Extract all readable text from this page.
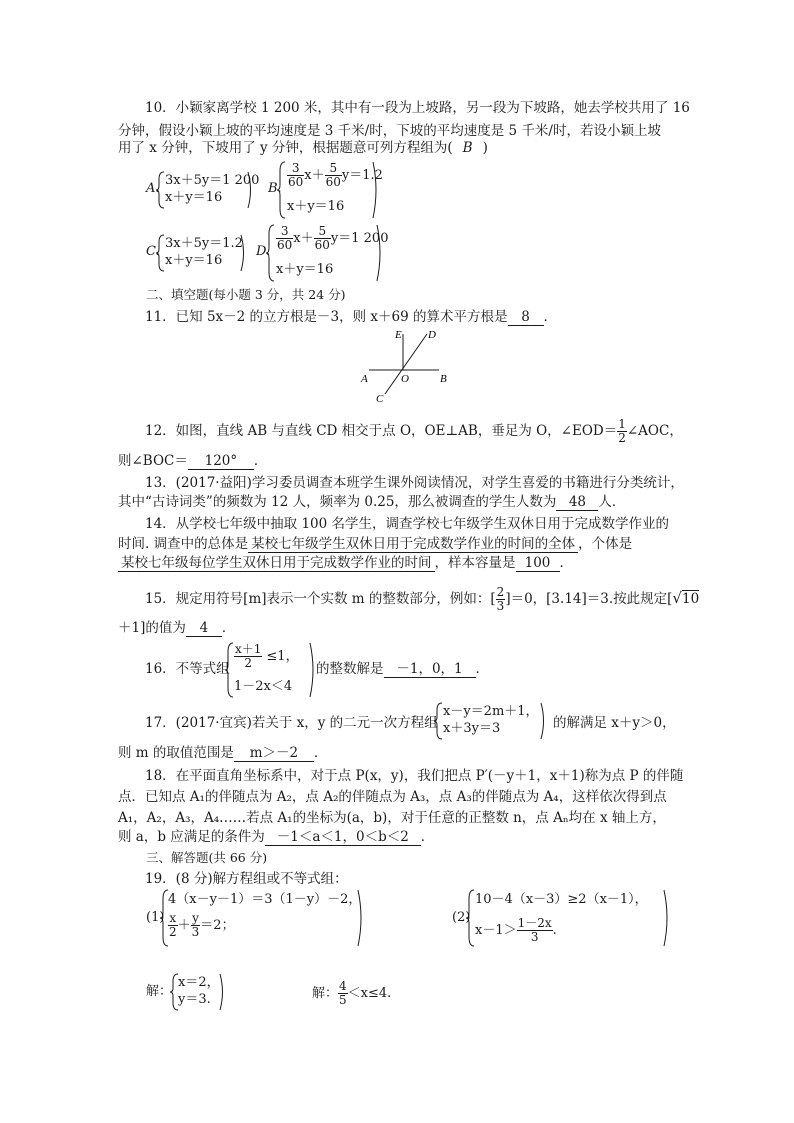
10．小颖家离学校 1 200 米，其中有一段为上坡路，另一段为下坡路，她去学校共用了 16
分钟，假设小颖上坡的平均速度是 3 千米/时，下坡的平均速度是 5 千米/时，若设小颖上坡
用了 x 分钟，下坡用了 y 分钟，根据题意可列方程组为( B )
A.
3x＋5y＝1 200
x＋y＝16
B. $\frac{3}{60} x+ \frac{5}{60} y=1.2$
x＋y＝16
C.
3x＋5y＝1.2
x＋y＝16
D. $\frac{3}{60} x+ \frac{5}{60} y=1$ 200
x＋y＝16
二、填空题(每小题 3 分，共 24 分)
11．已知 5x－2 的立方根是－3，则 x＋69 的算术平方根是 8 ．
E D
A	O	B
C
12．如图，直线 AB 与直线 CD 相交于点 O，OE⊥AB，垂足为 O，∠EOD＝ $\frac{1}{2}$ ∠AOC，
则∠BOC＝ 120° ．
13．(2017·益阳)学习委员调查本班学生课外阅读情况，对学生喜爱的书籍进行分类统计，
其中“古诗词类”的频数为 12 人，频率为 0.25，那么被调查的学生人数为 48 人．
14．从学校七年级中抽取 100 名学生，调查学校七年级学生双休日用于完成数学作业的
时间. 调查中的总体是 某校七年级学生双休日用于完成数学作业的时间的全体 ，个体是
某校七年级每位学生双休日用于完成数学作业的时间 ，样本容量是 100 ．
15．规定用符号[m]表示一个实数 m 的整数部分，例如：[ $\frac{2}{3} ]=0$，[3.14]＝3.按此规定[√10
＋1]的值为 4 ．
16．不等式组 $\frac{x+1}{2} \le 1$，
1－2x＜4
的整数解是 －1，0，1 ．
17．(2017·宜宾)若关于 x，y 的二元一次方程组
x－y＝2m＋1，
x＋3y＝3	的解满足 x＋y＞0，
则 m 的取值范围是 m＞－2 ．
18．在平面直角坐标系中，对于点 P(x，y)，我们把点 P′(－y＋1，x＋1)称为点 P 的伴随
点．已知点 A₁的伴随点为 A₂，点 A₂的伴随点为 A₃，点 A₃的伴随点为 A₄，这样依次得到点
A₁，A₂，A₃，A₄……若点 A₁的坐标为(a，b)，对于任意的正整数 n，点 Aₙ均在 x 轴上方，
则 a，b 应满足的条件为 －1＜a＜1，0＜b＜2 ．
三、解答题(共 66 分)
19．(8 分)解方程组或不等式组：
(1)
4（x－y－1）＝3（1－y）－2，
$\frac{x}{2} + \frac{y}{3} =2$；
(2)
10－4（x－3）≥2（x－1），
$x-1> \frac{1-2x}{3}$ .
解：
x＝2，
y＝3.	解： $\frac{4}{5} <x\le 4$.
